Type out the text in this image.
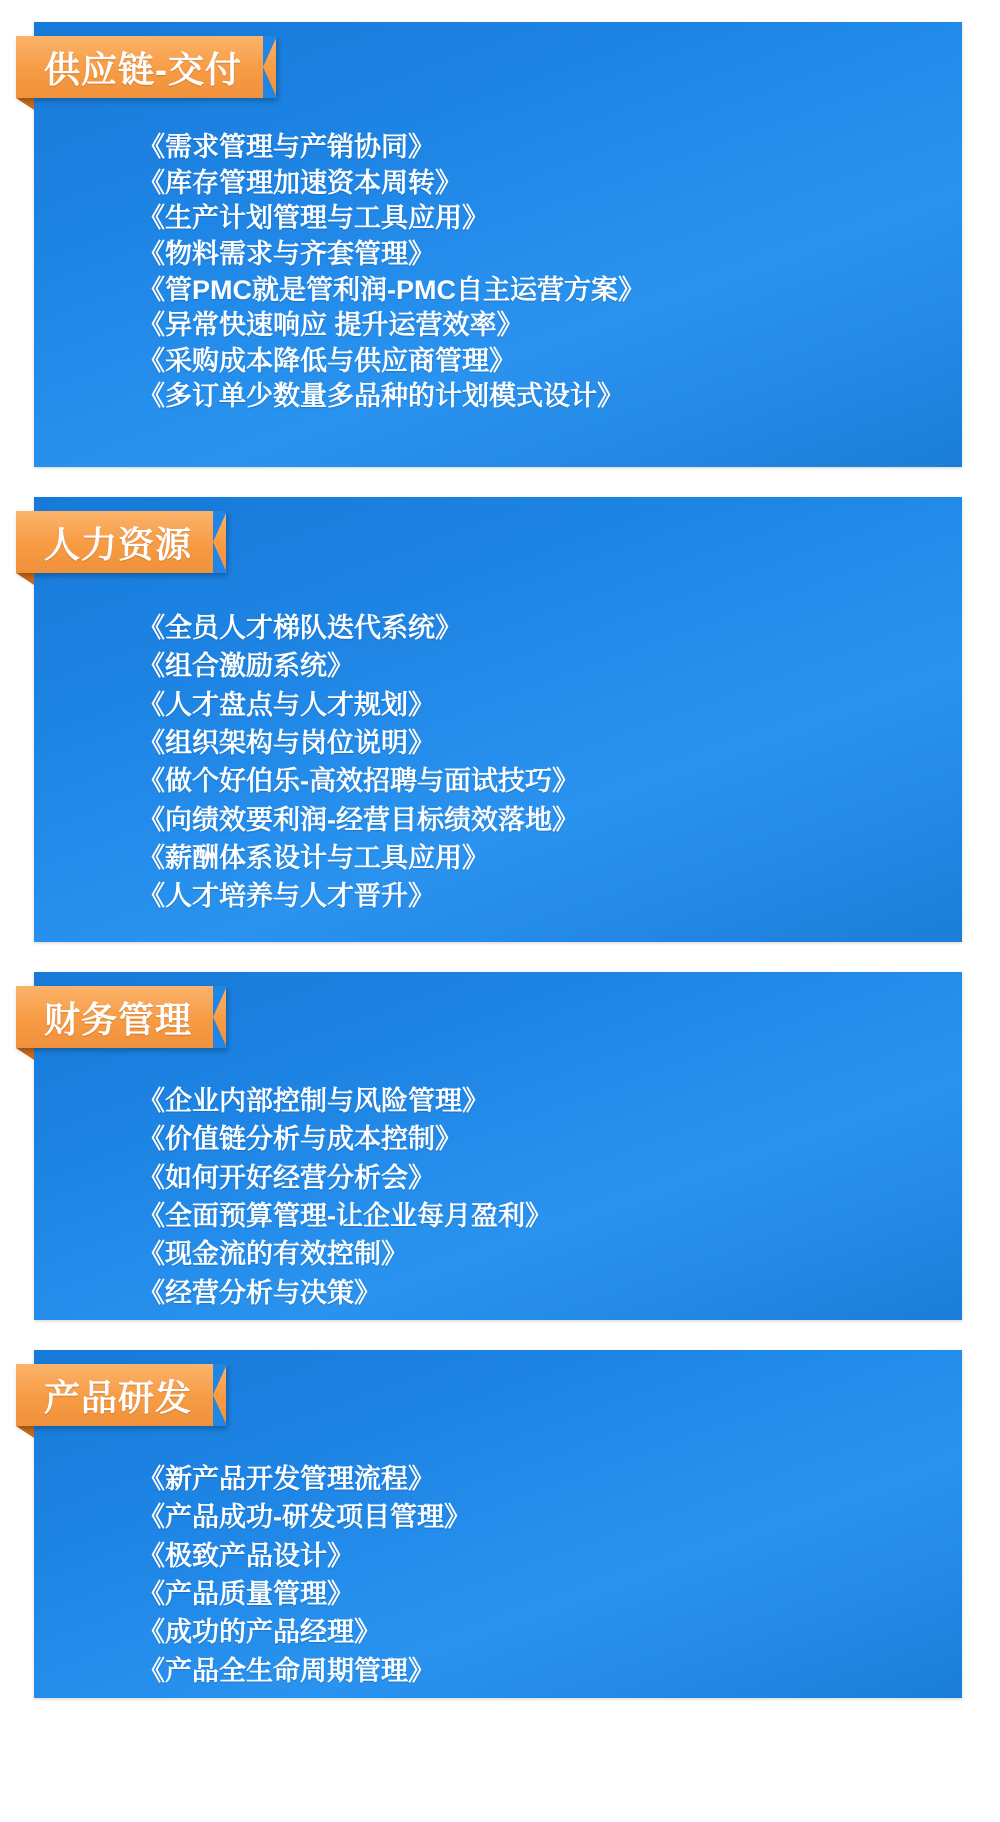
供应链-交付
《需求管理与产销协同》
《库存管理加速资本周转》
《生产计划管理与工具应用》
《物料需求与齐套管理》
《管PMC就是管利润-PMC自主运营方案》
《异常快速响应 提升运营效率》
《采购成本降低与供应商管理》
《多订单少数量多品种的计划模式设计》
人力资源
《全员人才梯队迭代系统》
《组合激励系统》
《人才盘点与人才规划》
《组织架构与岗位说明》
《做个好伯乐-高效招聘与面试技巧》
《向绩效要利润-经营目标绩效落地》
《薪酬体系设计与工具应用》
《人才培养与人才晋升》
财务管理
《企业内部控制与风险管理》
《价值链分析与成本控制》
《如何开好经营分析会》
《全面预算管理-让企业每月盈利》
《现金流的有效控制》
《经营分析与决策》
产品研发
《新产品开发管理流程》
《产品成功-研发项目管理》
《极致产品设计》
《产品质量管理》
《成功的产品经理》
《产品全生命周期管理》
